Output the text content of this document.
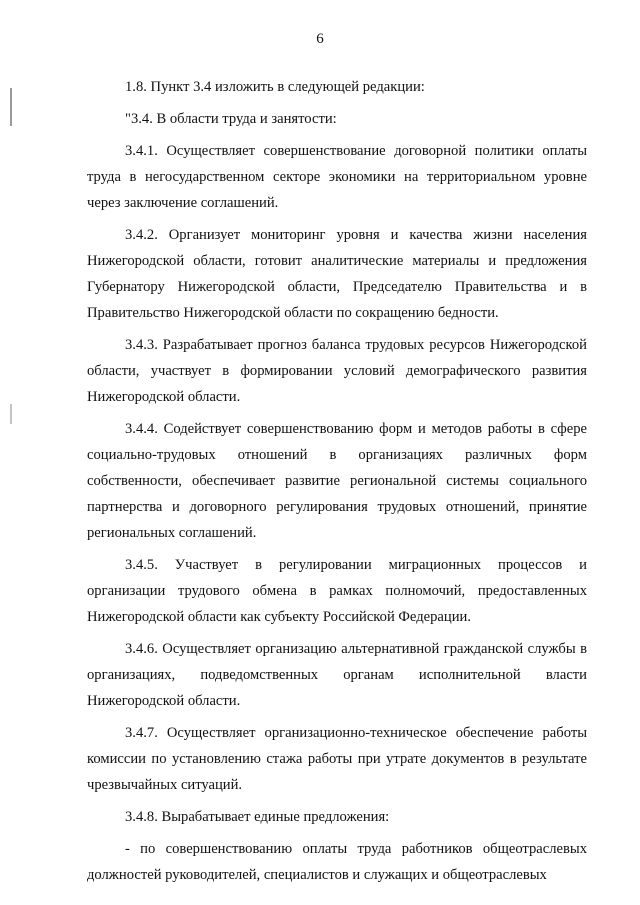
6

1.8. Пункт 3.4 изложить в следующей редакции:

"3.4. В области труда и занятости:

3.4.1. Осуществляет совершенствование договорной политики оплаты труда в негосударственном секторе экономики на территориальном уровне через заключение соглашений.

3.4.2. Организует мониторинг уровня и качества жизни населения Нижегородской области, готовит аналитические материалы и предложения Губернатору Нижегородской области, Председателю Правительства и в Правительство Нижегородской области по сокращению бедности.

3.4.3. Разрабатывает прогноз баланса трудовых ресурсов Нижегородской области, участвует в формировании условий демографического развития Нижегородской области.

3.4.4. Содействует совершенствованию форм и методов работы в сфере социально-трудовых отношений в организациях различных форм собственности, обеспечивает развитие региональной системы социального партнерства и договорного регулирования трудовых отношений, принятие региональных соглашений.

3.4.5. Участвует в регулировании миграционных процессов и организации трудового обмена в рамках полномочий, предоставленных Нижегородской области как субъекту Российской Федерации.

3.4.6. Осуществляет организацию альтернативной гражданской службы в организациях, подведомственных органам исполнительной власти Нижегородской области.

3.4.7. Осуществляет организационно-техническое обеспечение работы комиссии по установлению стажа работы при утрате документов в результате чрезвычайных ситуаций.

3.4.8. Вырабатывает единые предложения:

- по совершенствованию оплаты труда работников общеотраслевых должностей руководителей, специалистов и служащих и общеотраслевых
